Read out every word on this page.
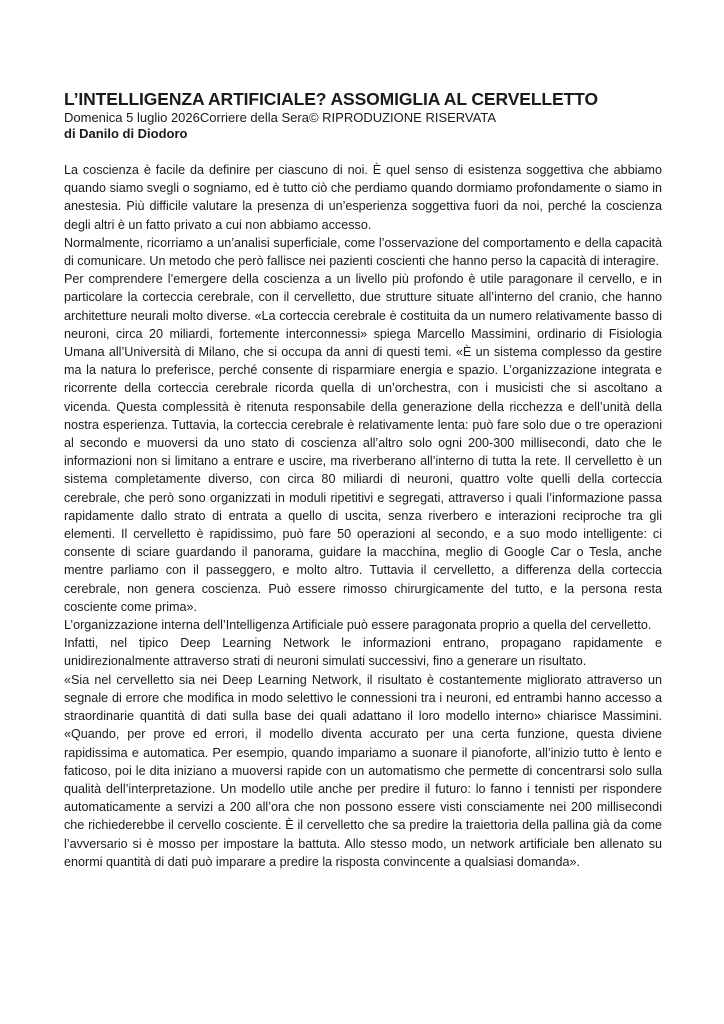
L’INTELLIGENZA ARTIFICIALE? ASSOMIGLIA AL CERVELLETTO

Domenica 5 luglio 2026Corriere della Sera© RIPRODUZIONE RISERVATA

di Danilo di Diodoro

La coscienza è facile da definire per ciascuno di noi. È quel senso di esistenza soggettiva che abbiamo quando siamo svegli o sogniamo, ed è tutto ciò che perdiamo quando dormiamo profondamente o siamo in anestesia. Più difficile valutare la presenza di un’esperienza soggettiva fuori da noi, perché la coscienza degli altri è un fatto privato a cui non abbiamo accesso.

Normalmente, ricorriamo a un’analisi superficiale, come l’osservazione del comportamento e della capacità di comunicare. Un metodo che però fallisce nei pazienti coscienti che hanno perso la capacità di interagire.

Per comprendere l’emergere della coscienza a un livello più profondo è utile paragonare il cervello, e in particolare la corteccia cerebrale, con il cervelletto, due strutture situate all’interno del cranio, che hanno architetture neurali molto diverse. «La corteccia cerebrale è costituita da un numero relativamente basso di neuroni, circa 20 miliardi, fortemente interconnessi» spiega Marcello Massimini, ordinario di Fisiologia Umana all’Università di Milano, che si occupa da anni di questi temi. «È un sistema complesso da gestire ma la natura lo preferisce, perché consente di risparmiare energia e spazio. L’organizzazione integrata e ricorrente della corteccia cerebrale ricorda quella di un’orchestra, con i musicisti che si ascoltano a vicenda. Questa complessità è ritenuta responsabile della generazione della ricchezza e dell’unità della nostra esperienza. Tuttavia, la corteccia cerebrale è relativamente lenta: può fare solo due o tre operazioni al secondo e muoversi da uno stato di coscienza all’altro solo ogni 200-300 millisecondi, dato che le informazioni non si limitano a entrare e uscire, ma riverberano all’interno di tutta la rete. Il cervelletto è un sistema completamente diverso, con circa 80 miliardi di neuroni, quattro volte quelli della corteccia cerebrale, che però sono organizzati in moduli ripetitivi e segregati, attraverso i quali l’informazione passa rapidamente dallo strato di entrata a quello di uscita, senza riverbero e interazioni reciproche tra gli elementi. Il cervelletto è rapidissimo, può fare 50 operazioni al secondo, e a suo modo intelligente: ci consente di sciare guardando il panorama, guidare la macchina, meglio di Google Car o Tesla, anche mentre parliamo con il passeggero, e molto altro. Tuttavia il cervelletto, a differenza della corteccia cerebrale, non genera coscienza. Può essere rimosso chirurgicamente del tutto, e la persona resta cosciente come prima».

L’organizzazione interna dell’Intelligenza Artificiale può essere paragonata proprio a quella del cervelletto.

Infatti, nel tipico Deep Learning Network le informazioni entrano, propagano rapidamente e unidirezionalmente attraverso strati di neuroni simulati successivi, fino a generare un risultato.

«Sia nel cervelletto sia nei Deep Learning Network, il risultato è costantemente migliorato attraverso un segnale di errore che modifica in modo selettivo le connessioni tra i neuroni, ed entrambi hanno accesso a straordinarie quantità di dati sulla base dei quali adattano il loro modello interno» chiarisce Massimini. «Quando, per prove ed errori, il modello diventa accurato per una certa funzione, questa diviene rapidissima e automatica. Per esempio, quando impariamo a suonare il pianoforte, all’inizio tutto è lento e faticoso, poi le dita iniziano a muoversi rapide con un automatismo che permette di concentrarsi solo sulla qualità dell’interpretazione. Un modello utile anche per predire il futuro: lo fanno i tennisti per rispondere automaticamente a servizi a 200 all’ora che non possono essere visti consciamente nei 200 millisecondi che richiederebbe il cervello cosciente. È il cervelletto che sa predire la traiettoria della pallina già da come l’avversario si è mosso per impostare la battuta. Allo stesso modo, un network artificiale ben allenato su enormi quantità di dati può imparare a predire la risposta convincente a qualsiasi domanda».
